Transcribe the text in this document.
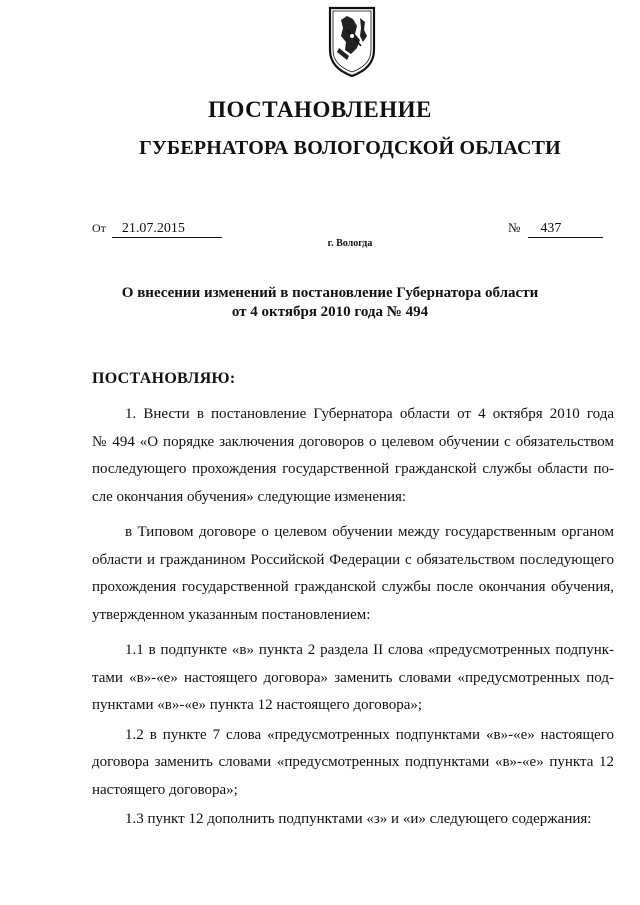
ПОСТАНОВЛЕНИЕ
ГУБЕРНАТОРА ВОЛОГОДСКОЙ ОБЛАСТИ
От 21.07.2015	№ 437
г. Вологда
О внесении изменений в постановление Губернатора области
от 4 октября 2010 года № 494
ПОСТАНОВЛЯЮ:
1. Внести в постановление Губернатора области от 4 октября 2010 года
№ 494 «О порядке заключения договоров о целевом обучении с обязательством
последующего прохождения государственной гражданской службы области по-
сле окончания обучения» следующие изменения:
в Типовом договоре о целевом обучении между государственным органом
области и гражданином Российской Федерации с обязательством последующего
прохождения государственной гражданской службы после окончания обучения,
утвержденном указанным постановлением:
1.1 в подпункте «в» пункта 2 раздела II слова «предусмотренных подпунк-
тами «в»-«е» настоящего договора» заменить словами «предусмотренных под-
пунктами «в»-«е» пункта 12 настоящего договора»;
1.2 в пункте 7 слова «предусмотренных подпунктами «в»-«е» настоящего
договора заменить словами «предусмотренных подпунктами «в»-«е» пункта 12
настоящего договора»;
1.3 пункт 12 дополнить подпунктами «з» и «и» следующего содержания:
